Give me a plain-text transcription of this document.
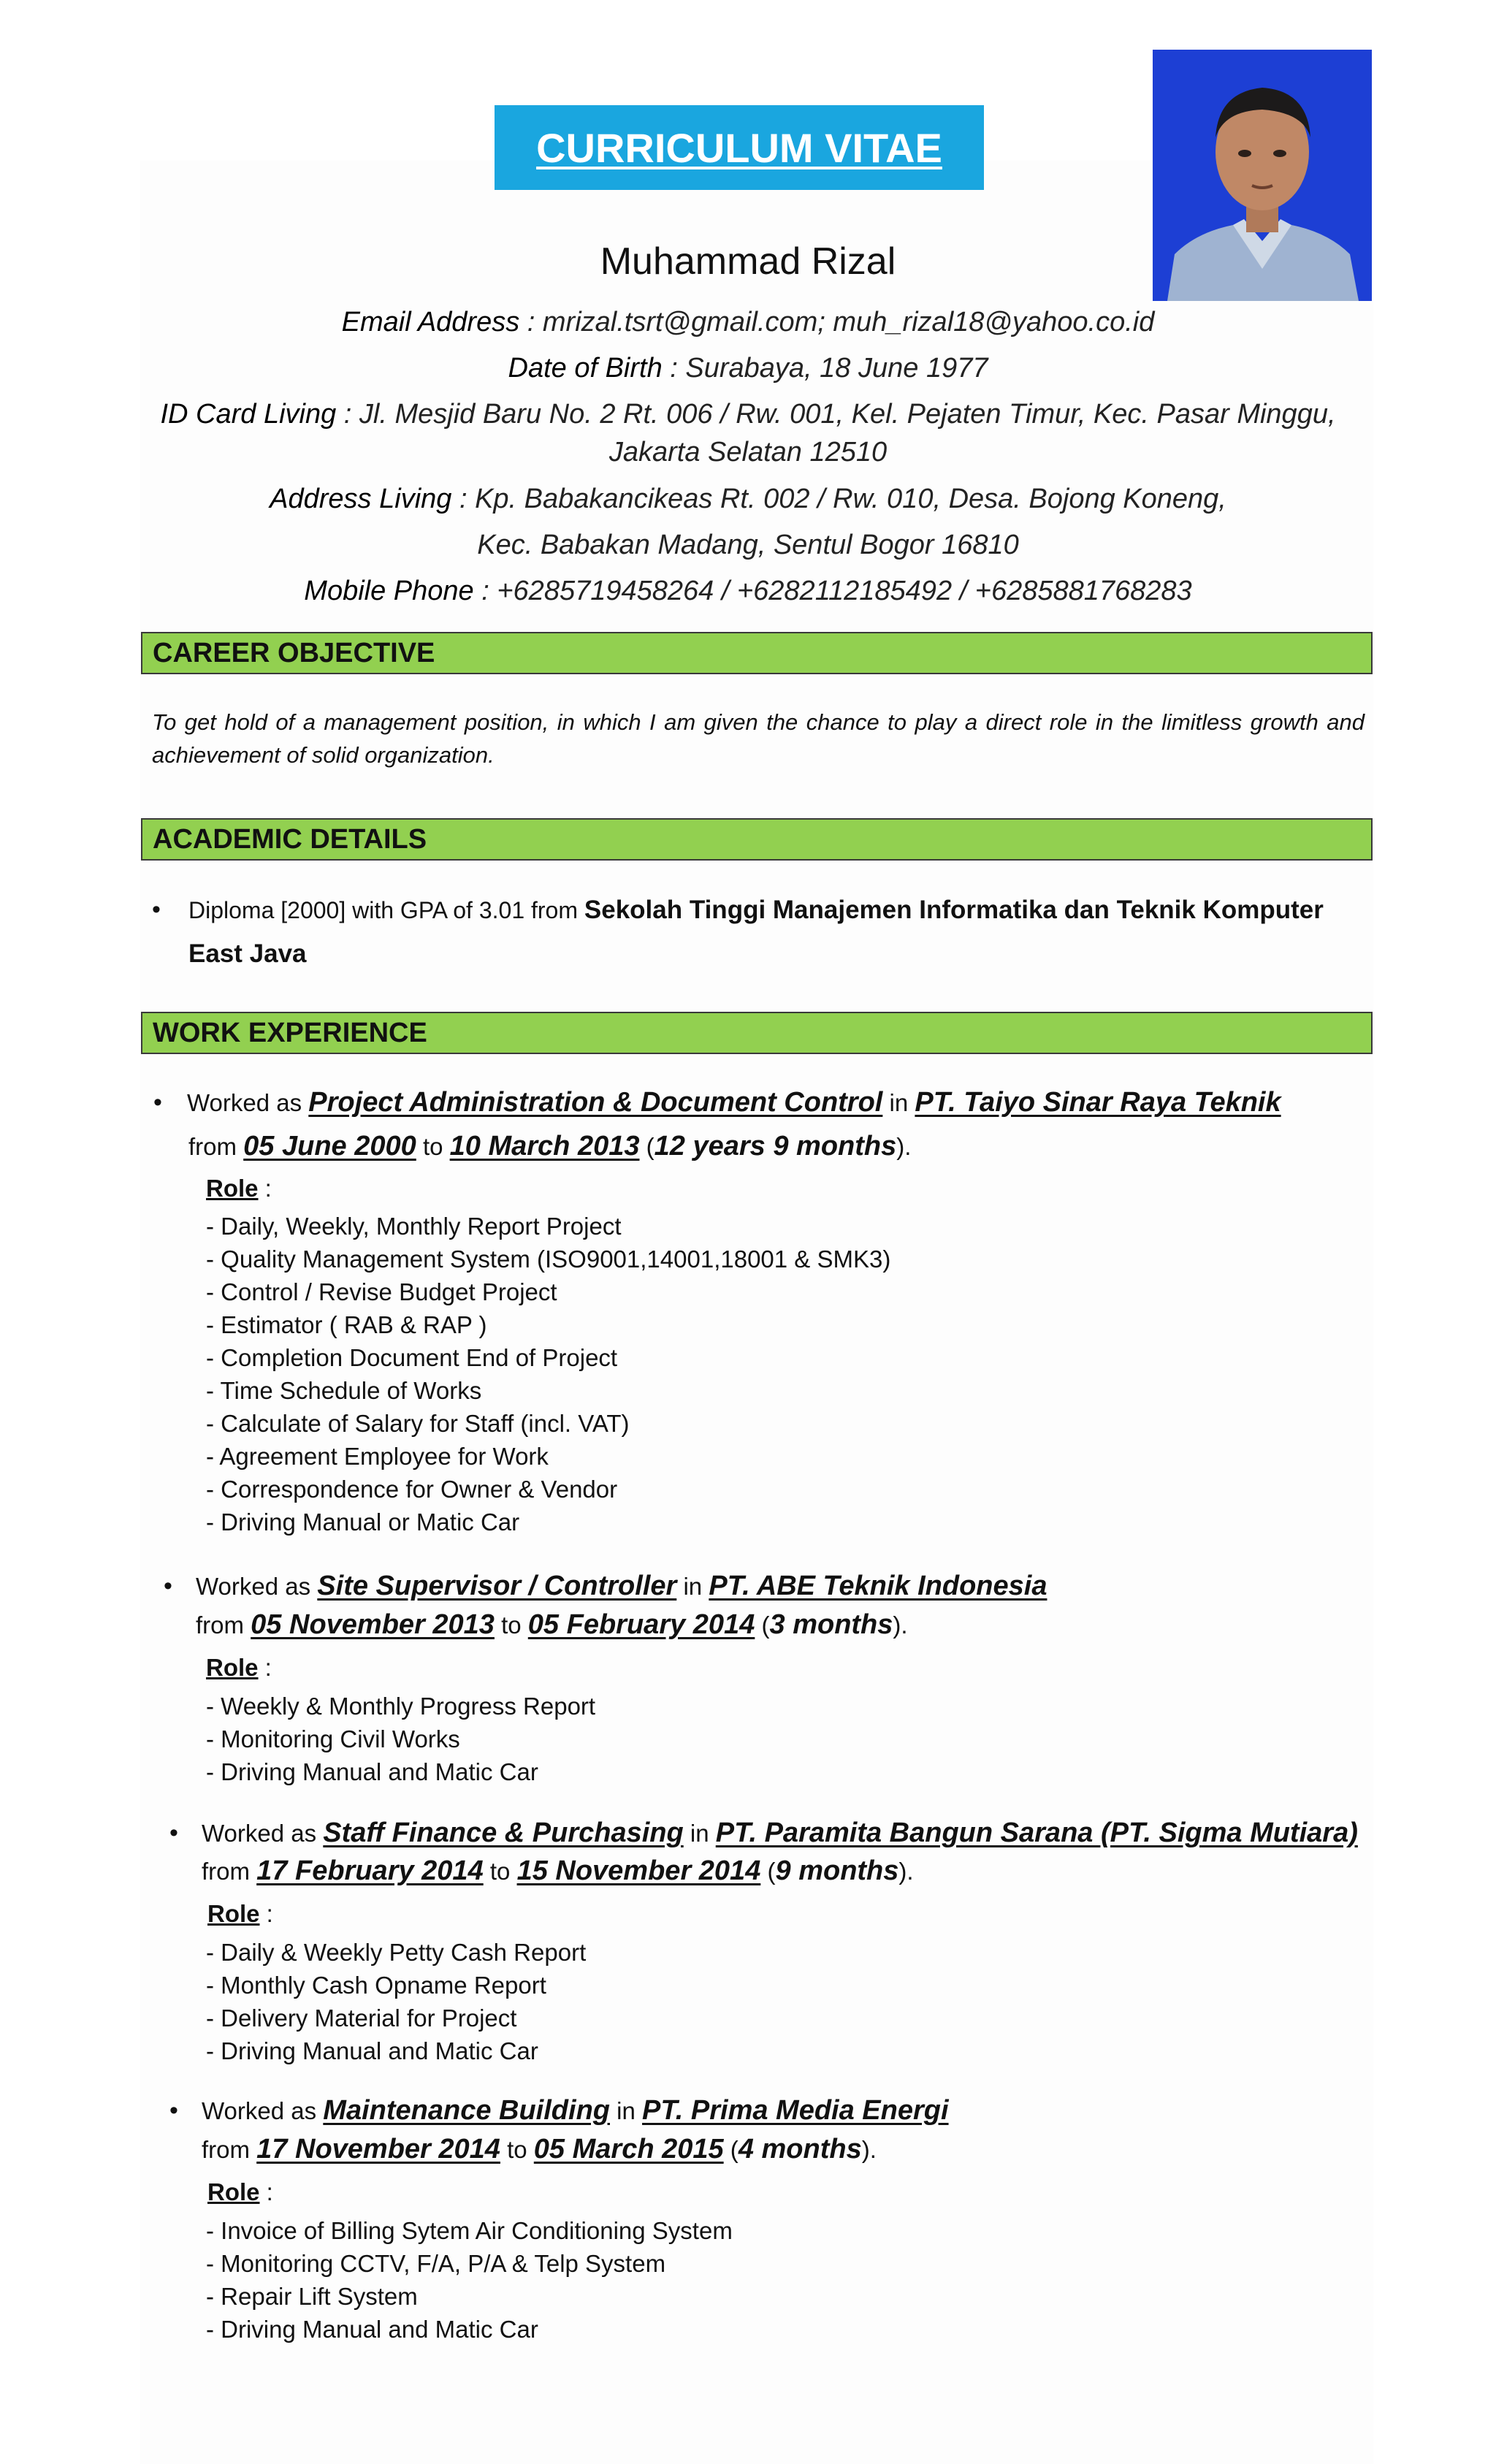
CURRICULUM VITAE
Muhammad Rizal
Email Address : mrizal.tsrt@gmail.com; muh_rizal18@yahoo.co.id
Date of Birth : Surabaya, 18 June 1977
ID Card Living : Jl. Mesjid Baru No. 2 Rt. 006 / Rw. 001, Kel. Pejaten Timur, Kec. Pasar Minggu,
Jakarta Selatan 12510
Address Living : Kp. Babakancikeas Rt. 002 / Rw. 010, Desa. Bojong Koneng,
Kec. Babakan Madang, Sentul Bogor 16810
Mobile Phone : +6285719458264 / +6282112185492 / +6285881768283
CAREER OBJECTIVE
To get hold of a management position, in which I am given the chance to play a direct role in the limitless growth and achievement of solid organization.
ACADEMIC DETAILS
• Diploma [2000] with GPA of 3.01 from Sekolah Tinggi Manajemen Informatika dan Teknik Komputer
East Java
WORK EXPERIENCE
• Worked as Project Administration & Document Control in PT. Taiyo Sinar Raya Teknik
from 05 June 2000 to 10 March 2013 (12 years 9 months).
Role :
- Daily, Weekly, Monthly Report Project
- Quality Management System (ISO9001,14001,18001 & SMK3)
- Control / Revise Budget Project
- Estimator ( RAB & RAP )
- Completion Document End of Project
- Time Schedule of Works
- Calculate of Salary for Staff (incl. VAT)
- Agreement Employee for Work
- Correspondence for Owner & Vendor
- Driving Manual or Matic Car
• Worked as Site Supervisor / Controller in PT. ABE Teknik Indonesia
from 05 November 2013 to 05 February 2014 (3 months).
Role :
- Weekly & Monthly Progress Report
- Monitoring Civil Works
- Driving Manual and Matic Car
• Worked as Staff Finance & Purchasing in PT. Paramita Bangun Sarana (PT. Sigma Mutiara)
from 17 February 2014 to 15 November 2014 (9 months).
Role :
- Daily & Weekly Petty Cash Report
- Monthly Cash Opname Report
- Delivery Material for Project
- Driving Manual and Matic Car
• Worked as Maintenance Building in PT. Prima Media Energi
from 17 November 2014 to 05 March 2015 (4 months).
Role :
- Invoice of Billing Sytem Air Conditioning System
- Monitoring CCTV, F/A, P/A & Telp System
- Repair Lift System
- Driving Manual and Matic Car
